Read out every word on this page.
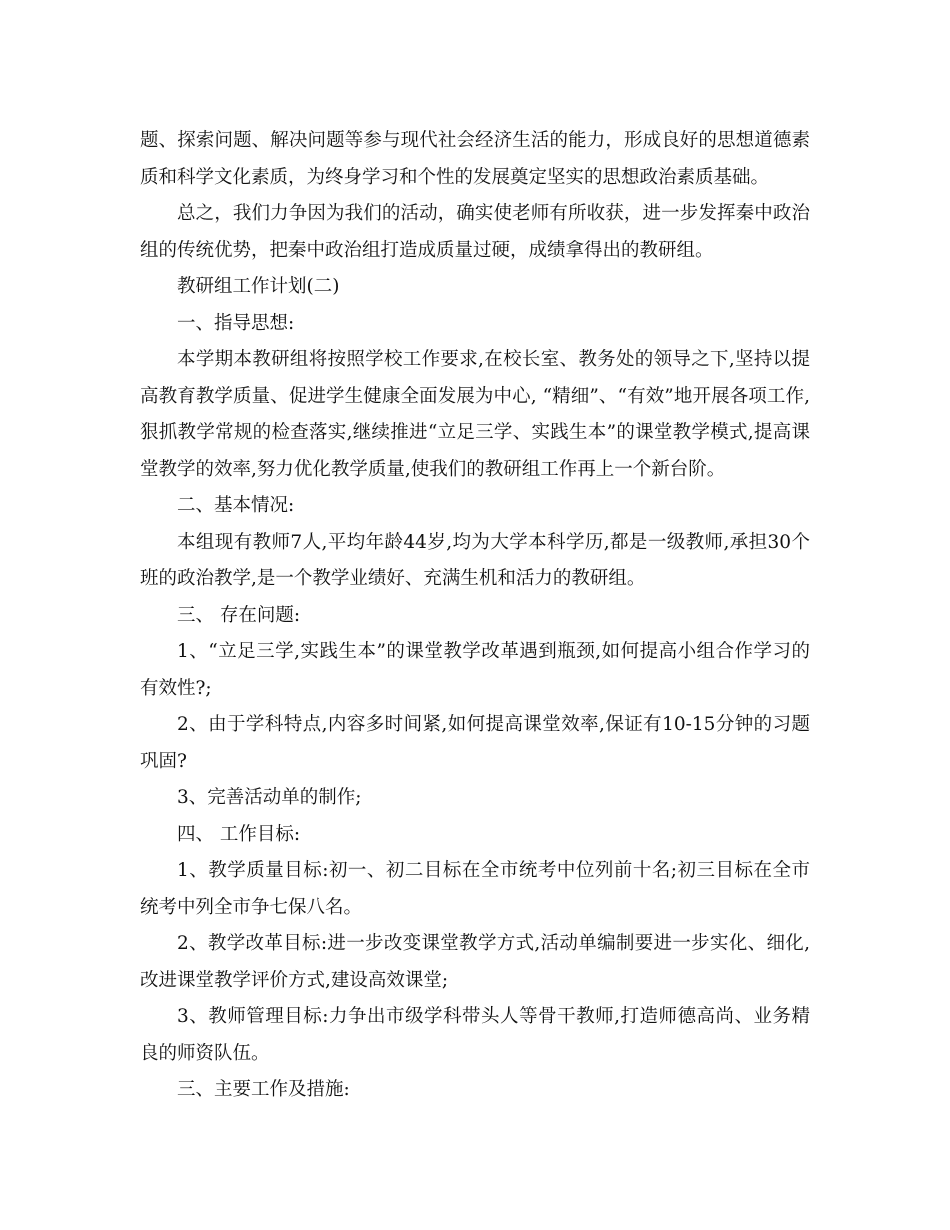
题、探索问题、解决问题等参与现代社会经济生活的能力，形成良好的思想道德素质和科学文化素质，为终身学习和个性的发展奠定坚实的思想政治素质基础。

总之，我们力争因为我们的活动，确实使老师有所收获，进一步发挥秦中政治组的传统优势，把秦中政治组打造成质量过硬，成绩拿得出的教研组。

教研组工作计划(二)

一、指导思想:

本学期本教研组将按照学校工作要求,在校长室、教务处的领导之下,坚持以提高教育教学质量、促进学生健康全面发展为中心, “精细”、“有效”地开展各项工作,狠抓教学常规的检查落实,继续推进“立足三学、实践生本”的课堂教学模式,提高课堂教学的效率,努力优化教学质量,使我们的教研组工作再上一个新台阶。

二、基本情况:

本组现有教师7人,平均年龄44岁,均为大学本科学历,都是一级教师,承担30个班的政治教学,是一个教学业绩好、充满生机和活力的教研组。

三、 存在问题:

1、“立足三学,实践生本”的课堂教学改革遇到瓶颈,如何提高小组合作学习的有效性?;

2、由于学科特点,内容多时间紧,如何提高课堂效率,保证有10-15分钟的习题巩固?

3、完善活动单的制作;

四、 工作目标:

1、教学质量目标:初一、初二目标在全市统考中位列前十名;初三目标在全市统考中列全市争七保八名。

2、教学改革目标:进一步改变课堂教学方式,活动单编制要进一步实化、细化,改进课堂教学评价方式,建设高效课堂;

3、教师管理目标:力争出市级学科带头人等骨干教师,打造师德高尚、业务精良的师资队伍。

三、主要工作及措施:
